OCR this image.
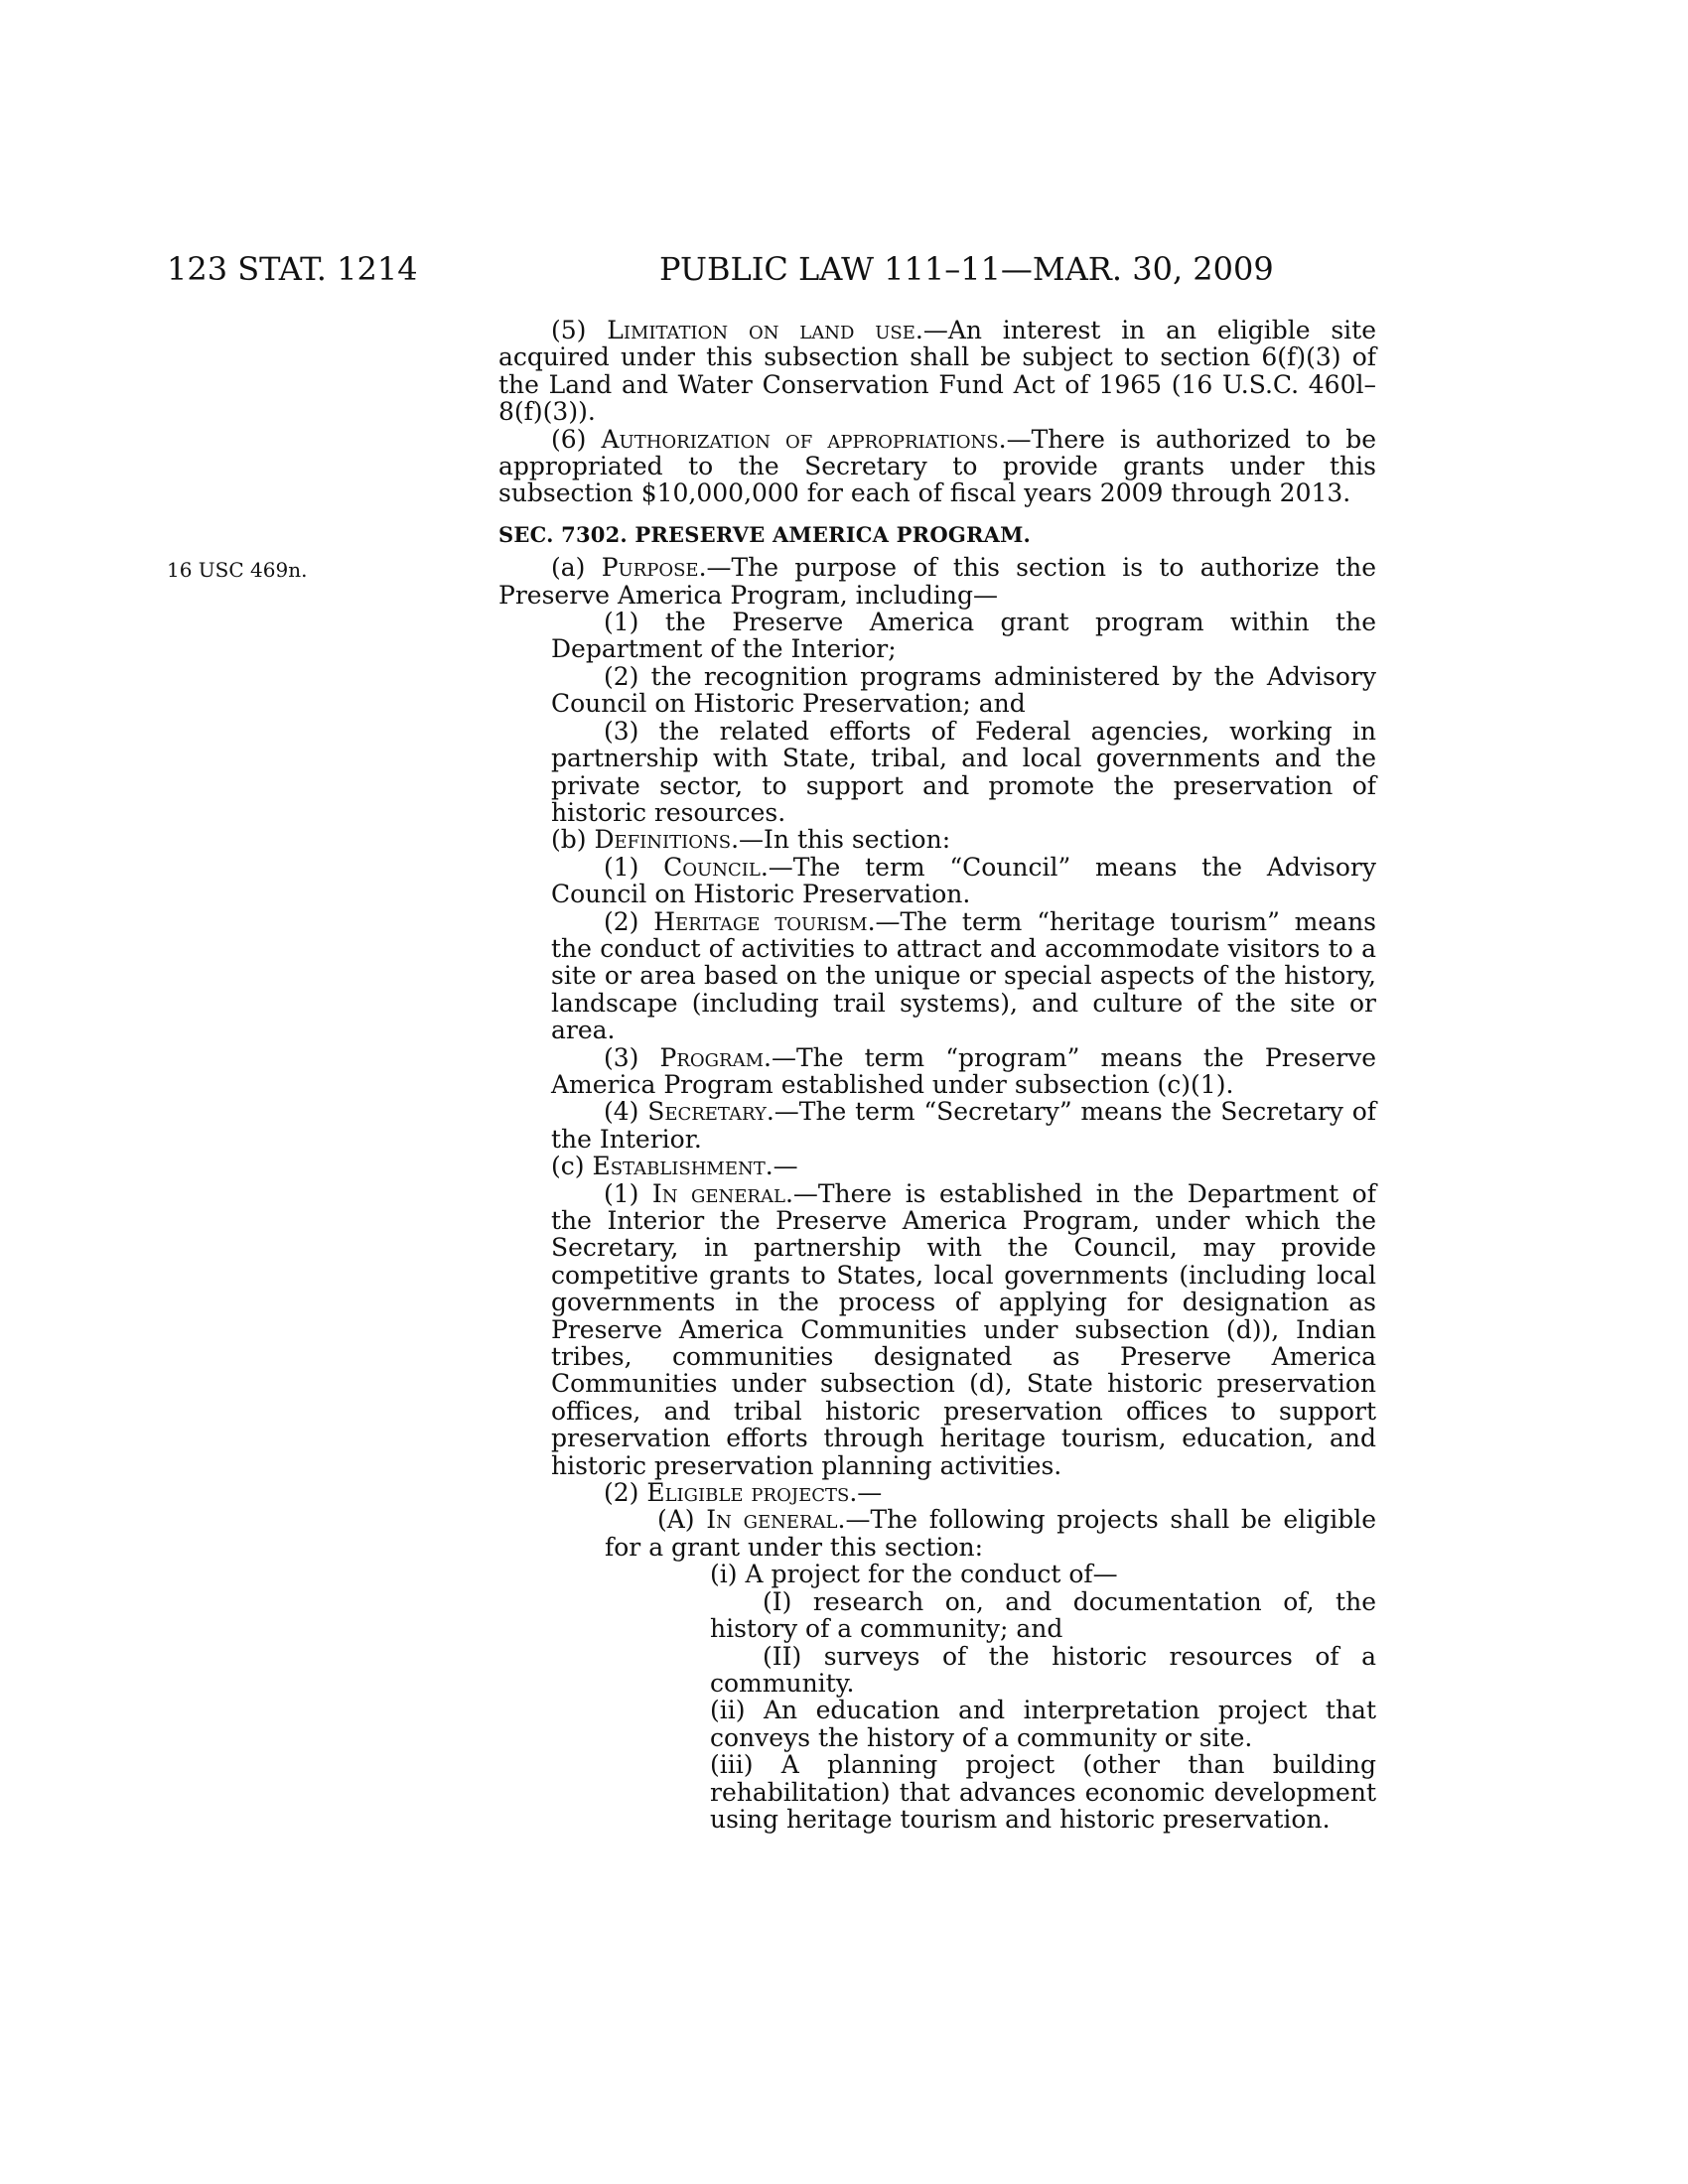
123 STAT. 1214	PUBLIC LAW 111–11—MAR. 30, 2009
16 USC 469n.

(5) Limitation on land use.—An interest in an eligible site acquired under this subsection shall be subject to section 6(f)(3) of the Land and Water Conservation Fund Act of 1965 (16 U.S.C. 460l–8(f)(3)).

(6) Authorization of appropriations.—There is authorized to be appropriated to the Secretary to provide grants under this subsection $10,000,000 for each of fiscal years 2009 through 2013.

SEC. 7302. PRESERVE AMERICA PROGRAM.

(a) Purpose.—The purpose of this section is to authorize the Preserve America Program, including—

(1) the Preserve America grant program within the Department of the Interior;

(2) the recognition programs administered by the Advisory Council on Historic Preservation; and

(3) the related efforts of Federal agencies, working in partnership with State, tribal, and local governments and the private sector, to support and promote the preservation of historic resources.

(b) Definitions.—In this section:

(1) Council.—The term “Council” means the Advisory Council on Historic Preservation.

(2) Heritage tourism.—The term “heritage tourism” means the conduct of activities to attract and accommodate visitors to a site or area based on the unique or special aspects of the history, landscape (including trail systems), and culture of the site or area.

(3) Program.—The term “program” means the Preserve America Program established under subsection (c)(1).

(4) Secretary.—The term “Secretary” means the Secretary of the Interior.

(c) Establishment.—

(1) In general.—There is established in the Department of the Interior the Preserve America Program, under which the Secretary, in partnership with the Council, may provide competitive grants to States, local governments (including local governments in the process of applying for designation as Preserve America Communities under subsection (d)), Indian tribes, communities designated as Preserve America Communities under subsection (d), State historic preservation offices, and tribal historic preservation offices to support preservation efforts through heritage tourism, education, and historic preservation planning activities.

(2) Eligible projects.—

(A) In general.—The following projects shall be eligible for a grant under this section:

(i) A project for the conduct of—

(I) research on, and documentation of, the history of a community; and

(II) surveys of the historic resources of a community.

(ii) An education and interpretation project that conveys the history of a community or site.

(iii) A planning project (other than building rehabilitation) that advances economic development using heritage tourism and historic preservation.
